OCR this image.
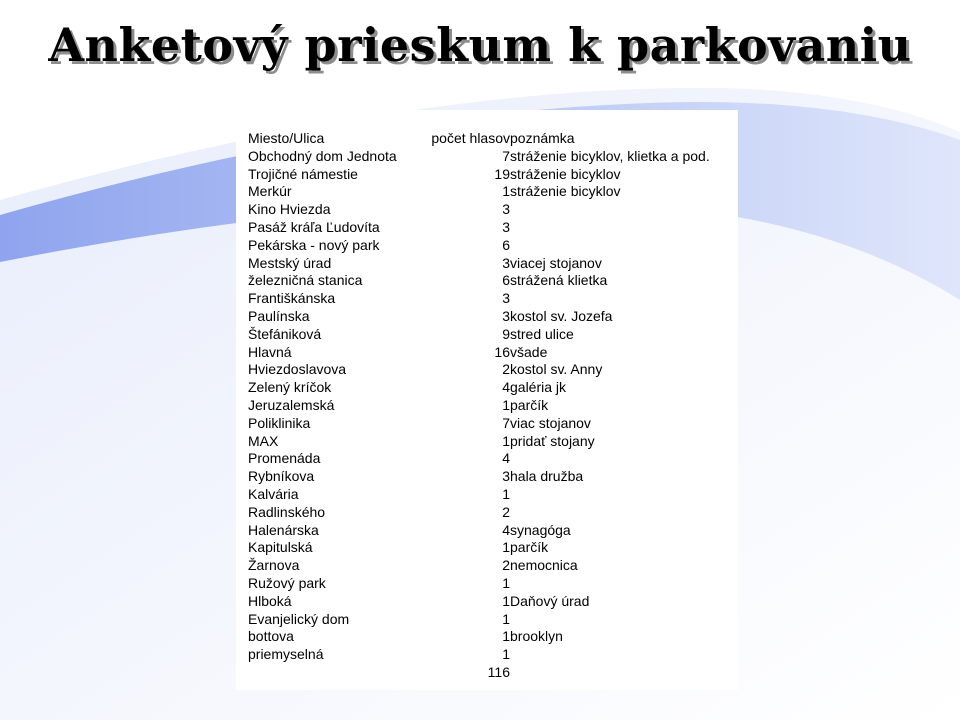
Anketový prieskum k parkovaniu
Miesto/Ulica	počet hlasov	poznámka
Obchodný dom Jednota	7	stráženie bicyklov, klietka a pod.
Trojičné námestie	19	stráženie bicyklov
Merkúr	1	stráženie bicyklov
Kino Hviezda	3	
Pasáž kráľa Ľudovíta	3	
Pekárska - nový park	6	
Mestský úrad	3	viacej stojanov
železničná stanica	6	strážená klietka
Františkánska	3	
Paulínska	3	kostol sv. Jozefa
Štefániková	9	stred ulice
Hlavná	16	všade
Hviezdoslavova	2	kostol sv. Anny
Zelený kríčok	4	galéria jk
Jeruzalemská	1	parčík
Poliklinika	7	viac stojanov
MAX	1	pridať stojany
Promenáda	4	
Rybníkova	3	hala družba
Kalvária	1	
Radlinského	2	
Halenárska	4	synagóga
Kapitulská	1	parčík
Žarnova	2	nemocnica
Ružový park	1	
Hlboká	1	Daňový úrad
Evanjelický dom	1	
bottova	1	brooklyn
priemyselná	1	
	116	
